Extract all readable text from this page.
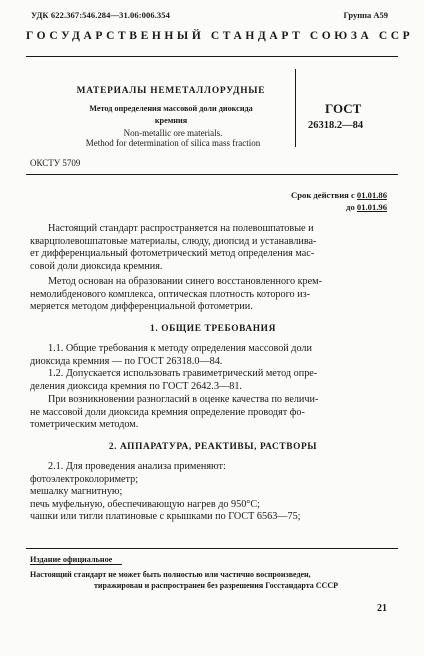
УДК 622.367:546.284—31.06:006.354	Группа А59
ГОСУДАРСТВЕННЫЙ СТАНДАРТ СОЮЗА ССР
МАТЕРИАЛЫ НЕМЕТАЛЛОРУДНЫЕ
Метод определения массовой доли диоксида
кремния
Non-metallic ore materials.
Method for determination of silica mass fraction
ГОСТ
26318.2—84
ОКСТУ 5709
Срок действия с 01.01.86
до 01.01.96
Настоящий стандарт распространяется на полевошпатовые и
кварцполевошпатовые материалы, слюду, диопсид и устанавлива-
ет дифференциальный фотометрический метод определения мас-
совой доли диоксида кремния.
Метод основан на образовании синего восстановленного крем-
немолибденового комплекса, оптическая плотность которого из-
меряется методом дифференциальной фотометрии.
1. ОБЩИЕ ТРЕБОВАНИЯ
1.1. Общие требования к методу определения массовой доли
диоксида кремния — по ГОСТ 26318.0—84.
1.2. Допускается использовать гравиметрический метод опре-
деления диоксида кремния по ГОСТ 2642.3—81.
При возникновении разногласий в оценке качества по величи-
не массовой доли диоксида кремния определение проводят фо-
тометрическим методом.
2. АППАРАТУРА, РЕАКТИВЫ, РАСТВОРЫ
2.1. Для проведения анализа применяют:
фотоэлектроколориметр;
мешалку магнитную;
печь муфельную, обеспечивающую нагрев до 950°С;
чашки или тигли платиновые с крышками по ГОСТ 6563—75;
Издание официальное
Настоящий стандарт не может быть полностью или частично воспроизведен,
тиражирован и распространен без разрешения Госстандарта СССР
21
